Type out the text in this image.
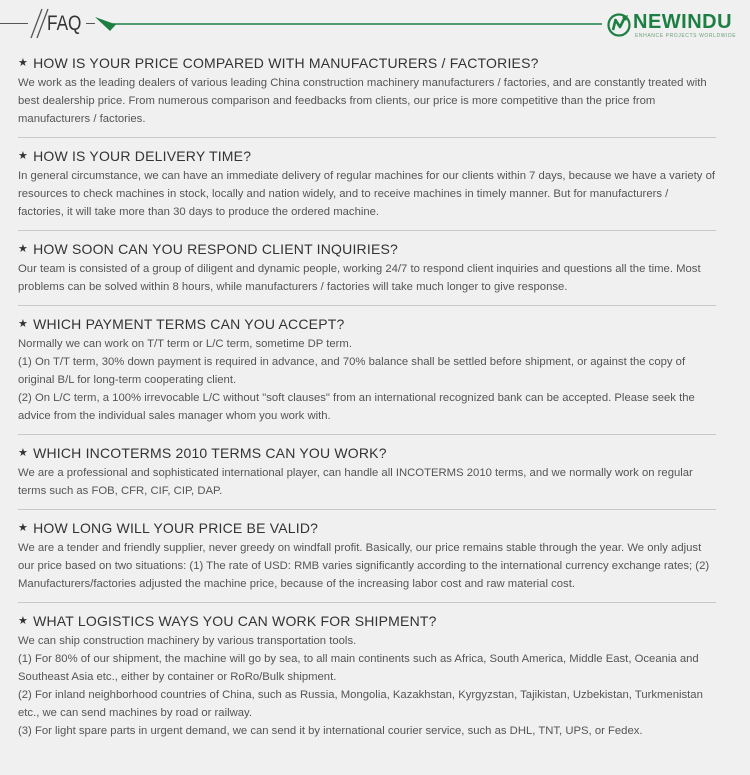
FAQ	NEWINDU
ENHANCE PROJECTS WORLDWIDE
★ HOW IS YOUR PRICE COMPARED WITH MANUFACTURERS / FACTORIES?

We work as the leading dealers of various leading China construction machinery manufacturers / factories, and are constantly treated with best dealership price. From numerous comparison and feedbacks from clients, our price is more competitive than the price from manufacturers / factories.

★ HOW IS YOUR DELIVERY TIME?

In general circumstance, we can have an immediate delivery of regular machines for our clients within 7 days, because we have a variety of resources to check machines in stock, locally and nation widely, and to receive machines in timely manner. But for manufacturers / factories, it will take more than 30 days to produce the ordered machine.

★ HOW SOON CAN YOU RESPOND CLIENT INQUIRIES?

Our team is consisted of a group of diligent and dynamic people, working 24/7 to respond client inquiries and questions all the time. Most problems can be solved within 8 hours, while manufacturers / factories will take much longer to give response.

★ WHICH PAYMENT TERMS CAN YOU ACCEPT?

Normally we can work on T/T term or L/C term, sometime DP term.

(1) On T/T term, 30% down payment is required in advance, and 70% balance shall be settled before shipment, or against the copy of original B/L for long-term cooperating client.

(2) On L/C term, a 100% irrevocable L/C without "soft clauses" from an international recognized bank can be accepted. Please seek the advice from the individual sales manager whom you work with.

★ WHICH INCOTERMS 2010 TERMS CAN YOU WORK?

We are a professional and sophisticated international player, can handle all INCOTERMS 2010 terms, and we normally work on regular terms such as FOB, CFR, CIF, CIP, DAP.

★ HOW LONG WILL YOUR PRICE BE VALID?

We are a tender and friendly supplier, never greedy on windfall profit. Basically, our price remains stable through the year. We only adjust our price based on two situations: (1) The rate of USD: RMB varies significantly according to the international currency exchange rates; (2) Manufacturers/factories adjusted the machine price, because of the increasing labor cost and raw material cost.

★ WHAT LOGISTICS WAYS YOU CAN WORK FOR SHIPMENT?

We can ship construction machinery by various transportation tools.

(1) For 80% of our shipment, the machine will go by sea, to all main continents such as Africa, South America, Middle East, Oceania and Southeast Asia etc., either by container or RoRo/Bulk shipment.

(2) For inland neighborhood countries of China, such as Russia, Mongolia, Kazakhstan, Kyrgyzstan, Tajikistan, Uzbekistan, Turkmenistan etc., we can send machines by road or railway.

(3) For light spare parts in urgent demand, we can send it by international courier service, such as DHL, TNT, UPS, or Fedex.
